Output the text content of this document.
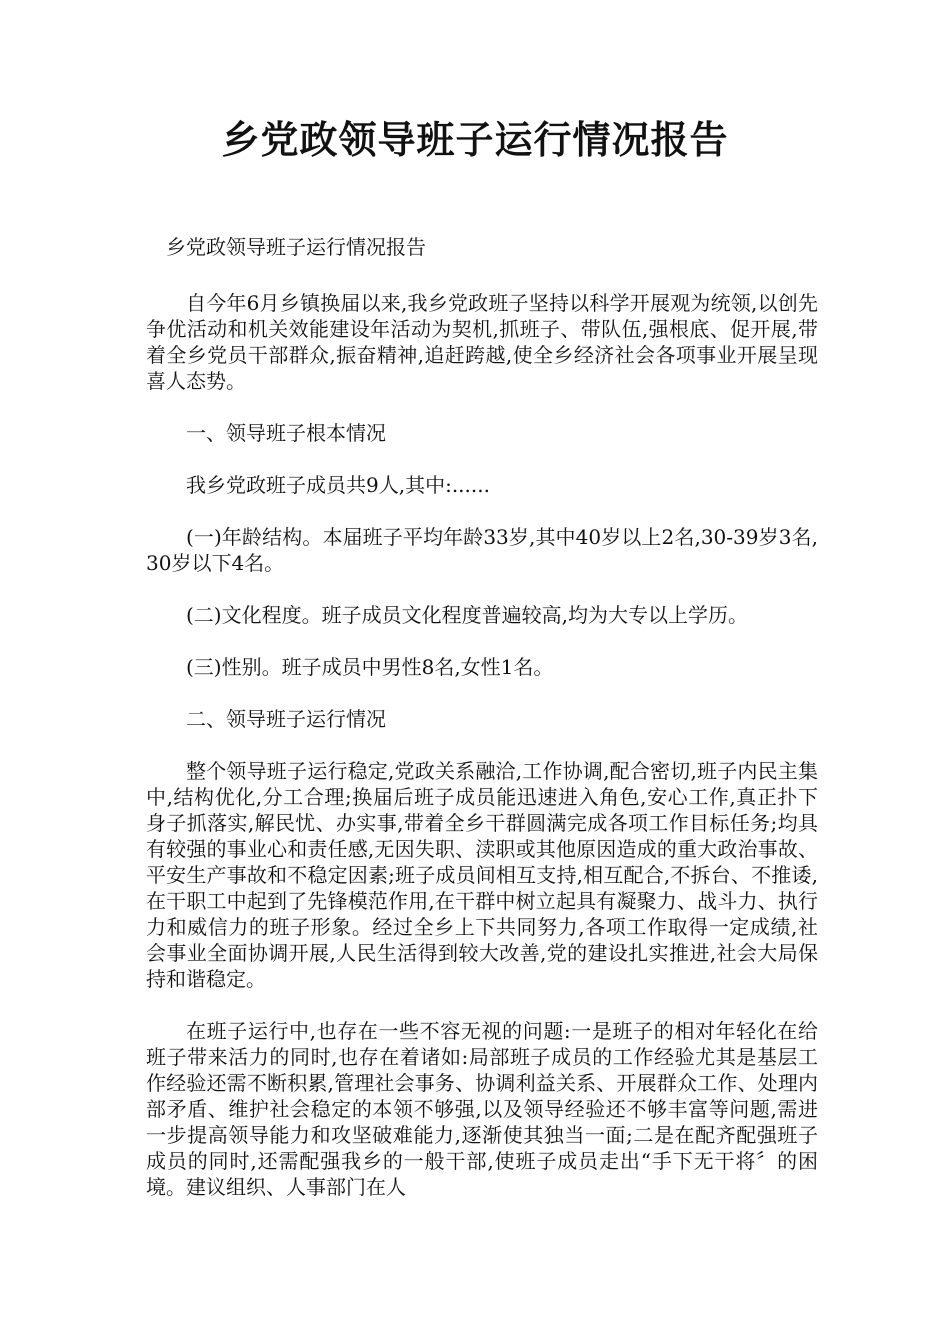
乡党政领导班子运行情况报告

乡党政领导班子运行情况报告

自今年6月乡镇换届以来,我乡党政班子坚持以科学开展观为统领,以创先争优活动和机关效能建设年活动为契机,抓班子、带队伍,强根底、促开展,带着全乡党员干部群众,振奋精神,追赶跨越,使全乡经济社会各项事业开展呈现喜人态势。

一、领导班子根本情况

我乡党政班子成员共9人,其中:......

(一)年龄结构。本届班子平均年龄33岁,其中40岁以上2名,30-39岁3名,30岁以下4名。

(二)文化程度。班子成员文化程度普遍较高,均为大专以上学历。

(三)性别。班子成员中男性8名,女性1名。

二、领导班子运行情况

整个领导班子运行稳定,党政关系融洽,工作协调,配合密切,班子内民主集中,结构优化,分工合理;换届后班子成员能迅速进入角色,安心工作,真正扑下身子抓落实,解民忧、办实事,带着全乡干群圆满完成各项工作目标任务;均具有较强的事业心和责任感,无因失职、渎职或其他原因造成的重大政治事故、平安生产事故和不稳定因素;班子成员间相互支持,相互配合,不拆台、不推诿,在干职工中起到了先锋模范作用,在干群中树立起具有凝聚力、战斗力、执行力和威信力的班子形象。经过全乡上下共同努力,各项工作取得一定成绩,社会事业全面协调开展,人民生活得到较大改善,党的建设扎实推进,社会大局保持和谐稳定。

在班子运行中,也存在一些不容无视的问题:一是班子的相对年轻化在给班子带来活力的同时,也存在着诸如:局部班子成员的工作经验尤其是基层工作经验还需不断积累,管理社会事务、协调利益关系、开展群众工作、处理内部矛盾、维护社会稳定的本领不够强,以及领导经验还不够丰富等问题,需进一步提高领导能力和攻坚破难能力,逐渐使其独当一面;二是在配齐配强班子成员的同时,还需配强我乡的一般干部,使班子成员走出“手下无干将〞的困境。建议组织、人事部门在人
